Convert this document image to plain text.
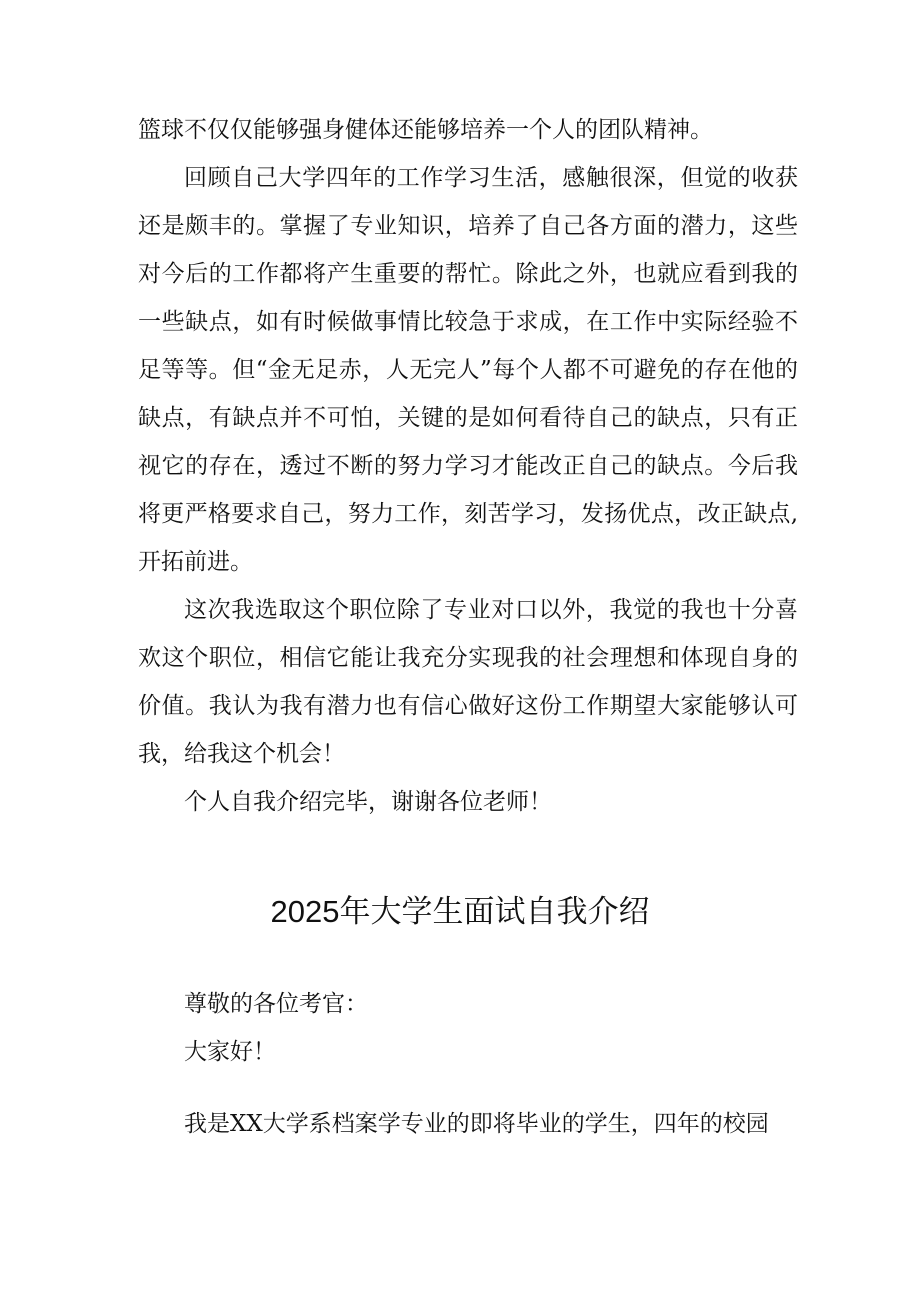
篮球不仅仅能够强身健体还能够培养一个人的团队精神。

回顾自己大学四年的工作学习生活，感触很深，但觉的收获还是颇丰的。掌握了专业知识，培养了自己各方面的潜力，这些对今后的工作都将产生重要的帮忙。除此之外，也就应看到我的一些缺点，如有时候做事情比较急于求成，在工作中实际经验不足等等。但“金无足赤，人无完人”每个人都不可避免的存在他的缺点，有缺点并不可怕，关键的是如何看待自己的缺点，只有正视它的存在，透过不断的努力学习才能改正自己的缺点。今后我将更严格要求自己，努力工作，刻苦学习，发扬优点，改正缺点,开拓前进。

这次我选取这个职位除了专业对口以外，我觉的我也十分喜欢这个职位，相信它能让我充分实现我的社会理想和体现自身的价值。我认为我有潜力也有信心做好这份工作期望大家能够认可我，给我这个机会！

个人自我介绍完毕，谢谢各位老师！

2025年大学生面试自我介绍

尊敬的各位考官：

大家好！

我是XX大学系档案学专业的即将毕业的学生，四年的校园
